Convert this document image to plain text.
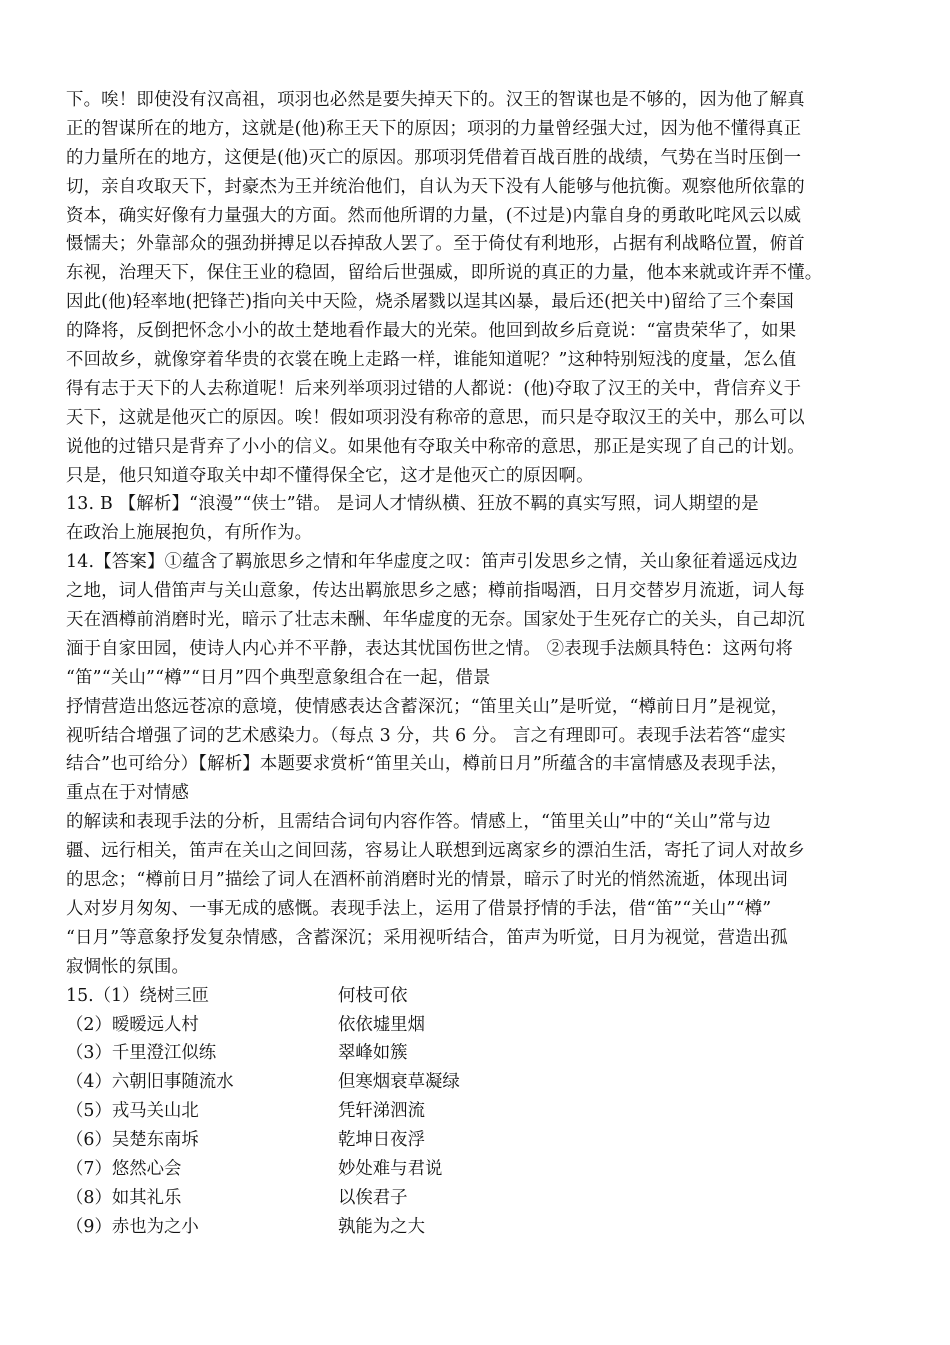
下。唉！即使没有汉高祖，项羽也必然是要失掉天下的。汉王的智谋也是不够的，因为他了解真
正的智谋所在的地方，这就是(他)称王天下的原因；项羽的力量曾经强大过，因为他不懂得真正
的力量所在的地方，这便是(他)灭亡的原因。那项羽凭借着百战百胜的战绩，气势在当时压倒一
切，亲自攻取天下，封豪杰为王并统治他们，自认为天下没有人能够与他抗衡。观察他所依靠的
资本，确实好像有力量强大的方面。然而他所谓的力量，(不过是)内靠自身的勇敢叱咤风云以威
慑懦夫；外靠部众的强劲拼搏足以吞掉敌人罢了。至于倚仗有利地形，占据有利战略位置，俯首
东视，治理天下，保住王业的稳固，留给后世强威，即所说的真正的力量，他本来就或许弄不懂。
因此(他)轻率地(把锋芒)指向关中天险，烧杀屠戮以逞其凶暴，最后还(把关中)留给了三个秦国
的降将，反倒把怀念小小的故土楚地看作最大的光荣。他回到故乡后竟说：“富贵荣华了，如果
不回故乡，就像穿着华贵的衣裳在晚上走路一样，谁能知道呢？”这种特别短浅的度量，怎么值
得有志于天下的人去称道呢！后来列举项羽过错的人都说：(他)夺取了汉王的关中，背信弃义于
天下，这就是他灭亡的原因。唉！假如项羽没有称帝的意思，而只是夺取汉王的关中，那么可以
说他的过错只是背弃了小小的信义。如果他有夺取关中称帝的意思，那正是实现了自己的计划。
只是，他只知道夺取关中却不懂得保全它，这才是他灭亡的原因啊。
13. B 【解析】“浪漫”“侠士”错。 是词人才情纵横、狂放不羁的真实写照，词人期望的是
在政治上施展抱负，有所作为。
14.【答案】①蕴含了羁旅思乡之情和年华虚度之叹：笛声引发思乡之情，关山象征着遥远戍边
之地，词人借笛声与关山意象，传达出羁旅思乡之感；樽前指喝酒，日月交替岁月流逝，词人每
天在酒樽前消磨时光，暗示了壮志未酬、年华虚度的无奈。国家处于生死存亡的关头，自己却沉
湎于自家田园，使诗人内心并不平静，表达其忧国伤世之情。 ②表现手法颇具特色：这两句将
“笛”“关山”“樽”“日月”四个典型意象组合在一起，借景
抒情营造出悠远苍凉的意境，使情感表达含蓄深沉；“笛里关山”是听觉，“樽前日月”是视觉，
视听结合增强了词的艺术感染力。（每点 3 分，共 6 分。 言之有理即可。表现手法若答“虚实
结合”也可给分）【解析】本题要求赏析“笛里关山，樽前日月”所蕴含的丰富情感及表现手法，
重点在于对情感
的解读和表现手法的分析，且需结合词句内容作答。情感上，“笛里关山”中的“关山”常与边
疆、远行相关，笛声在关山之间回荡，容易让人联想到远离家乡的漂泊生活，寄托了词人对故乡
的思念；“樽前日月”描绘了词人在酒杯前消磨时光的情景，暗示了时光的悄然流逝，体现出词
人对岁月匆匆、一事无成的感慨。表现手法上，运用了借景抒情的手法，借“笛”“关山”“樽”
“日月”等意象抒发复杂情感，含蓄深沉；采用视听结合，笛声为听觉，日月为视觉，营造出孤
寂惆怅的氛围。
15.（1）绕树三匝	何枝可依
（2）暧暧远人村	依依墟里烟
（3）千里澄江似练	翠峰如簇
（4）六朝旧事随流水	但寒烟衰草凝绿
（5）戎马关山北	凭轩涕泗流
（6）吴楚东南坼	乾坤日夜浮
（7）悠然心会	妙处难与君说
（8）如其礼乐	以俟君子
（9）赤也为之小	孰能为之大
